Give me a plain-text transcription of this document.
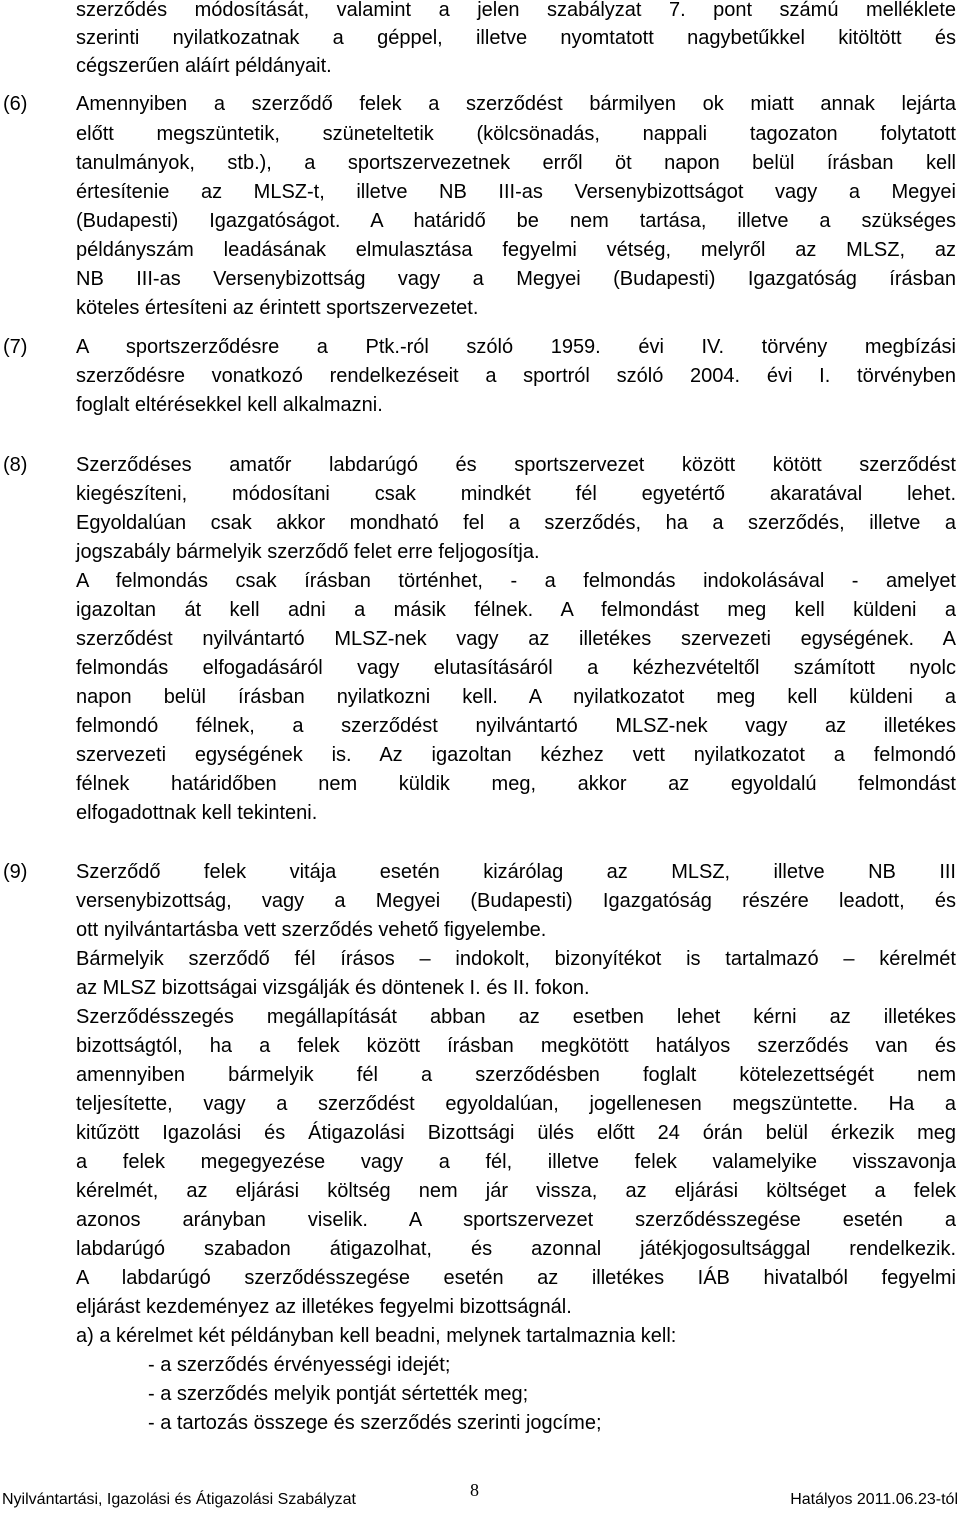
szerződés módosítását, valamint a jelen szabályzat 7. pont számú melléklete
szerinti nyilatkozatnak a géppel, illetve nyomtatott nagybetűkkel kitöltött és
cégszerűen aláírt példányait.
(6) Amennyiben a szerződő felek a szerződést bármilyen ok miatt annak lejárta
előtt megszüntetik, szüneteltetik (kölcsönadás, nappali tagozaton folytatott
tanulmányok, stb.), a sportszervezetnek erről öt napon belül írásban kell
értesítenie az MLSZ-t, illetve NB III-as Versenybizottságot vagy a Megyei
(Budapesti) Igazgatóságot. A határidő be nem tartása, illetve a szükséges
példányszám leadásának elmulasztása fegyelmi vétség, melyről az MLSZ, az
NB III-as Versenybizottság vagy a Megyei (Budapesti) Igazgatóság írásban
köteles értesíteni az érintett sportszervezetet.
(7) A sportszerződésre a Ptk.-ról szóló 1959. évi IV. törvény megbízási
szerződésre vonatkozó rendelkezéseit a sportról szóló 2004. évi I. törvényben
foglalt eltérésekkel kell alkalmazni.
(8) Szerződéses amatőr labdarúgó és sportszervezet között kötött szerződést
kiegészíteni, módosítani csak mindkét fél egyetértő akaratával lehet.
Egyoldalúan csak akkor mondható fel a szerződés, ha a szerződés, illetve a
jogszabály bármelyik szerződő felet erre feljogosítja.
A felmondás csak írásban történhet, - a felmondás indokolásával - amelyet
igazoltan át kell adni a másik félnek. A felmondást meg kell küldeni a
szerződést nyilvántartó MLSZ-nek vagy az illetékes szervezeti egységének. A
felmondás elfogadásáról vagy elutasításáról a kézhezvételtől számított nyolc
napon belül írásban nyilatkozni kell. A nyilatkozatot meg kell küldeni a
felmondó félnek, a szerződést nyilvántartó MLSZ-nek vagy az illetékes
szervezeti egységének is. Az igazoltan kézhez vett nyilatkozatot a felmondó
félnek határidőben nem küldik meg, akkor az egyoldalú felmondást
elfogadottnak kell tekinteni.
(9) Szerződő felek vitája esetén kizárólag az MLSZ, illetve NB III
versenybizottság, vagy a Megyei (Budapesti) Igazgatóság részére leadott, és
ott nyilvántartásba vett szerződés vehető figyelembe.
Bármelyik szerződő fél írásos – indokolt, bizonyítékot is tartalmazó – kérelmét
az MLSZ bizottságai vizsgálják és döntenek I. és II. fokon.
Szerződésszegés megállapítását abban az esetben lehet kérni az illetékes
bizottságtól, ha a felek között írásban megkötött hatályos szerződés van és
amennyiben bármelyik fél a szerződésben foglalt kötelezettségét nem
teljesítette, vagy a szerződést egyoldalúan, jogellenesen megszüntette. Ha a
kitűzött Igazolási és Átigazolási Bizottsági ülés előtt 24 órán belül érkezik meg
a felek megegyezése vagy a fél, illetve felek valamelyike visszavonja
kérelmét, az eljárási költség nem jár vissza, az eljárási költséget a felek
azonos arányban viselik. A sportszervezet szerződésszegése esetén a
labdarúgó szabadon átigazolhat, és azonnal játékjogosultsággal rendelkezik.
A labdarúgó szerződésszegése esetén az illetékes IÁB hivatalból fegyelmi
eljárást kezdeményez az illetékes fegyelmi bizottságnál.
a) a kérelmet két példányban kell beadni, melynek tartalmaznia kell:
- a szerződés érvényességi idejét;
- a szerződés melyik pontját sértették meg;
- a tartozás összege és szerződés szerinti jogcíme;
Nyilvántartási, Igazolási és Átigazolási Szabályzat	8	Hatályos 2011.06.23-tól
